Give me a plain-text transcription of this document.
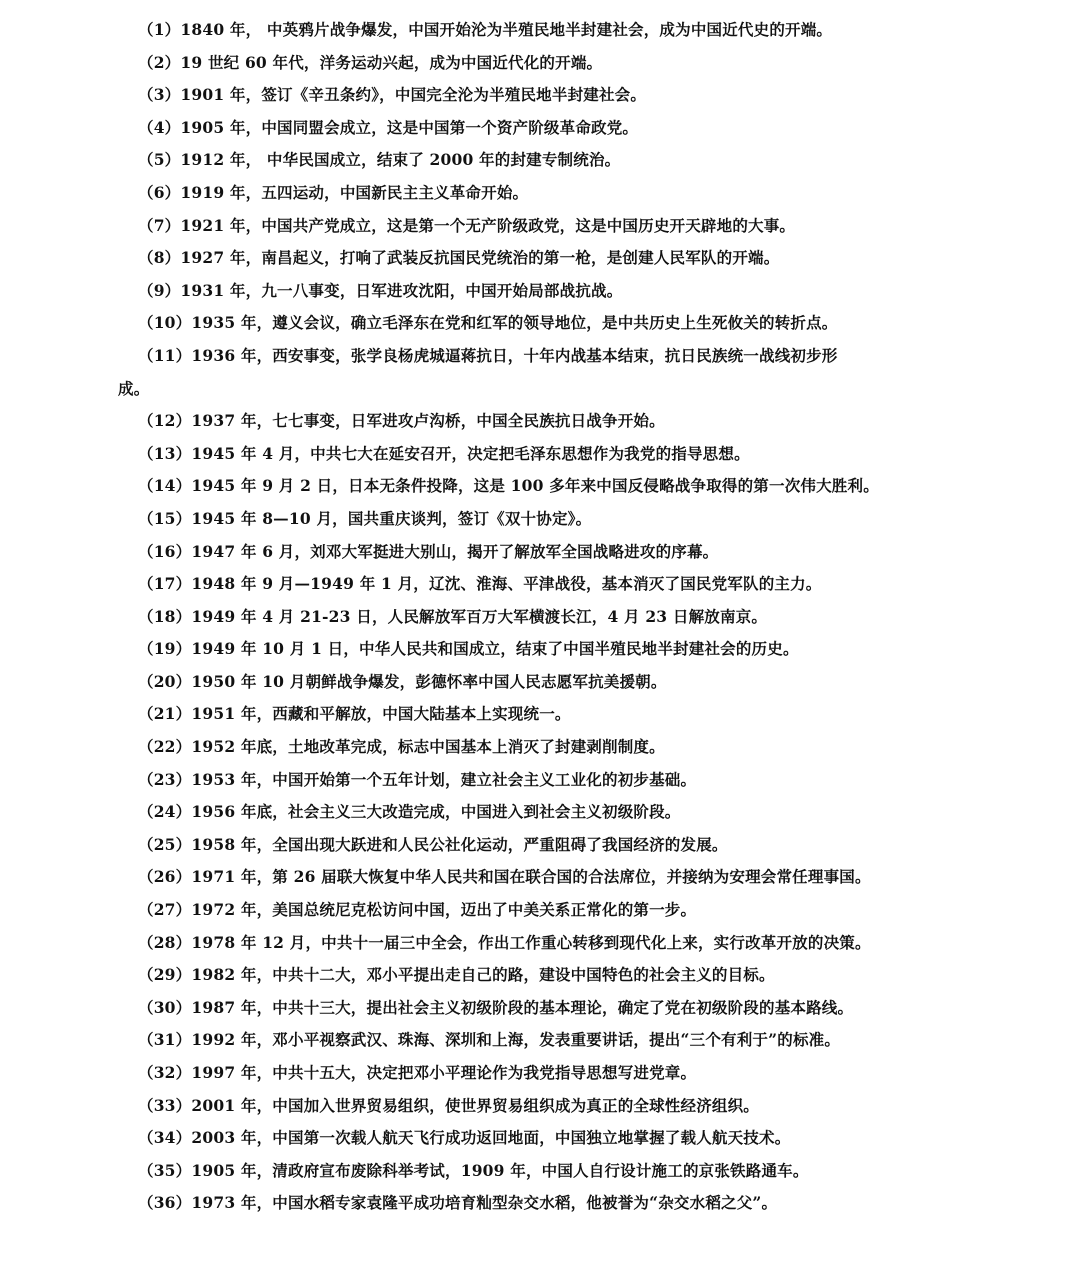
（1）1840 年， 中英鸦片战争爆发，中国开始沦为半殖民地半封建社会，成为中国近代史的开端。
（2）19 世纪 60 年代，洋务运动兴起，成为中国近代化的开端。
（3）1901 年，签订《辛丑条约》，中国完全沦为半殖民地半封建社会。
（4）1905 年，中国同盟会成立，这是中国第一个资产阶级革命政党。
（5）1912 年， 中华民国成立，结束了 2000 年的封建专制统治。
（6）1919 年，五四运动，中国新民主主义革命开始。
（7）1921 年，中国共产党成立，这是第一个无产阶级政党，这是中国历史开天辟地的大事。
（8）1927 年，南昌起义，打响了武装反抗国民党统治的第一枪，是创建人民军队的开端。
（9）1931 年，九一八事变，日军进攻沈阳，中国开始局部战抗战。
（10）1935 年，遵义会议，确立毛泽东在党和红军的领导地位，是中共历史上生死攸关的转折点。
（11）1936 年，西安事变，张学良杨虎城逼蒋抗日，十年内战基本结束，抗日民族统一战线初步形
成。
（12）1937 年，七七事变，日军进攻卢沟桥，中国全民族抗日战争开始。
（13）1945 年 4 月，中共七大在延安召开，决定把毛泽东思想作为我党的指导思想。
（14）1945 年 9 月 2 日，日本无条件投降，这是 100 多年来中国反侵略战争取得的第一次伟大胜利。
（15）1945 年 8—10 月，国共重庆谈判，签订《双十协定》。
（16）1947 年 6 月，刘邓大军挺进大别山，揭开了解放军全国战略进攻的序幕。
（17）1948 年 9 月—1949 年 1 月，辽沈、淮海、平津战役，基本消灭了国民党军队的主力。
（18）1949 年 4 月 21-23 日，人民解放军百万大军横渡长江，4 月 23 日解放南京。
（19）1949 年 10 月 1 日，中华人民共和国成立，结束了中国半殖民地半封建社会的历史。
（20）1950 年 10 月朝鲜战争爆发，彭德怀率中国人民志愿军抗美援朝。
（21）1951 年，西藏和平解放，中国大陆基本上实现统一。
（22）1952 年底，土地改革完成，标志中国基本上消灭了封建剥削制度。
（23）1953 年，中国开始第一个五年计划，建立社会主义工业化的初步基础。
（24）1956 年底，社会主义三大改造完成，中国进入到社会主义初级阶段。
（25）1958 年，全国出现大跃进和人民公社化运动，严重阻碍了我国经济的发展。
（26）1971 年，第 26 届联大恢复中华人民共和国在联合国的合法席位，并接纳为安理会常任理事国。
（27）1972 年，美国总统尼克松访问中国，迈出了中美关系正常化的第一步。
（28）1978 年 12 月，中共十一届三中全会，作出工作重心转移到现代化上来，实行改革开放的决策。
（29）1982 年，中共十二大，邓小平提出走自己的路，建设中国特色的社会主义的目标。
（30）1987 年，中共十三大，提出社会主义初级阶段的基本理论，确定了党在初级阶段的基本路线。
（31）1992 年，邓小平视察武汉、珠海、深圳和上海，发表重要讲话，提出“三个有利于”的标准。
（32）1997 年，中共十五大，决定把邓小平理论作为我党指导思想写进党章。
（33）2001 年，中国加入世界贸易组织，使世界贸易组织成为真正的全球性经济组织。
（34）2003 年，中国第一次载人航天飞行成功返回地面，中国独立地掌握了载人航天技术。
（35）1905 年，清政府宣布废除科举考试，1909 年，中国人自行设计施工的京张铁路通车。
（36）1973 年，中国水稻专家袁隆平成功培育籼型杂交水稻，他被誉为“杂交水稻之父”。
